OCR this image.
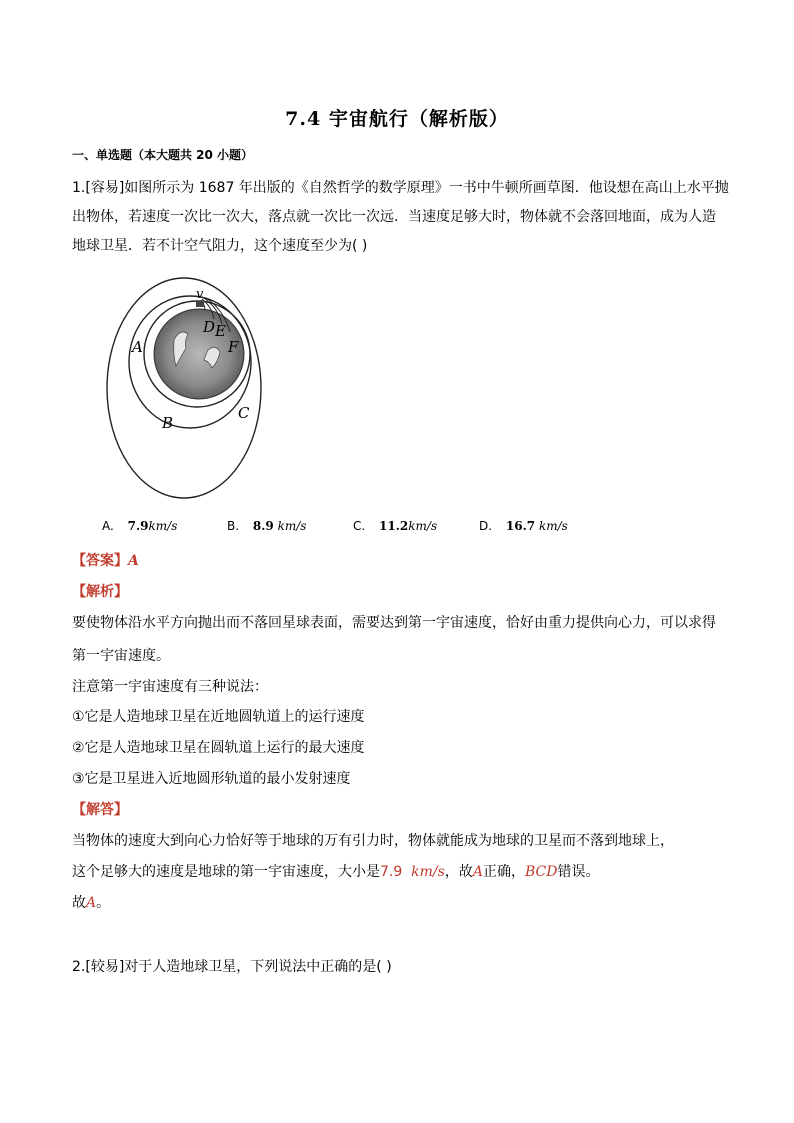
7.4 宇宙航行（解析版）
一、单选题（本大题共 20 小题）
1.[容易]如图所示为 1687 年出版的《自然哲学的数学原理》一书中牛顿所画草图．他设想在高山上水平抛
出物体，若速度一次比一次大，落点就一次比一次远．当速度足够大时，物体就不会落回地面，成为人造
地球卫星．若不计空气阻力，这个速度至少为( )
v
D E
F
A
B
C
A. 7.9km/s	B. 8.9 km/s	C. 11.2km/s	D. 16.7 km/s
【答案】A
【解析】
要使物体沿水平方向抛出而不落回星球表面，需要达到第一宇宙速度，恰好由重力提供向心力，可以求得
第一宇宙速度。
注意第一宇宙速度有三种说法：
①它是人造地球卫星在近地圆轨道上的运行速度
②它是人造地球卫星在圆轨道上运行的最大速度
③它是卫星进入近地圆形轨道的最小发射速度
【解答】
当物体的速度大到向心力恰好等于地球的万有引力时，物体就能成为地球的卫星而不落到地球上，
这个足够大的速度是地球的第一宇宙速度，大小是7.9 km/s，故A正确，BCD错误。
故A。
2.[较易]对于人造地球卫星，下列说法中正确的是( )
